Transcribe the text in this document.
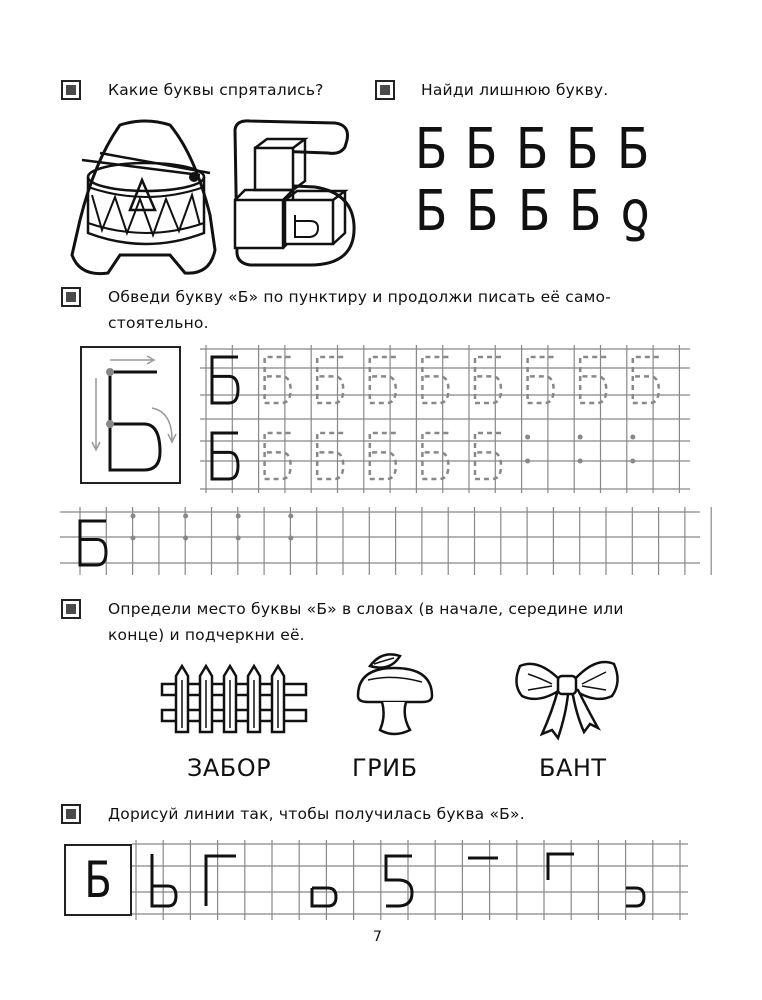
Какие буквы спрятались?	Найди лишнюю букву.
Б Б Б Б Б
Б Б Б Б ƍ
Обведи букву «Б» по пунктиру и продолжи писать её само-
стоятельно.
Определи место буквы «Б» в словах (в начале, середине или
конце) и подчеркни её.
ЗАБОР	ГРИБ	БАНТ
Дорисуй линии так, чтобы получилась буква «Б».
Б
7
